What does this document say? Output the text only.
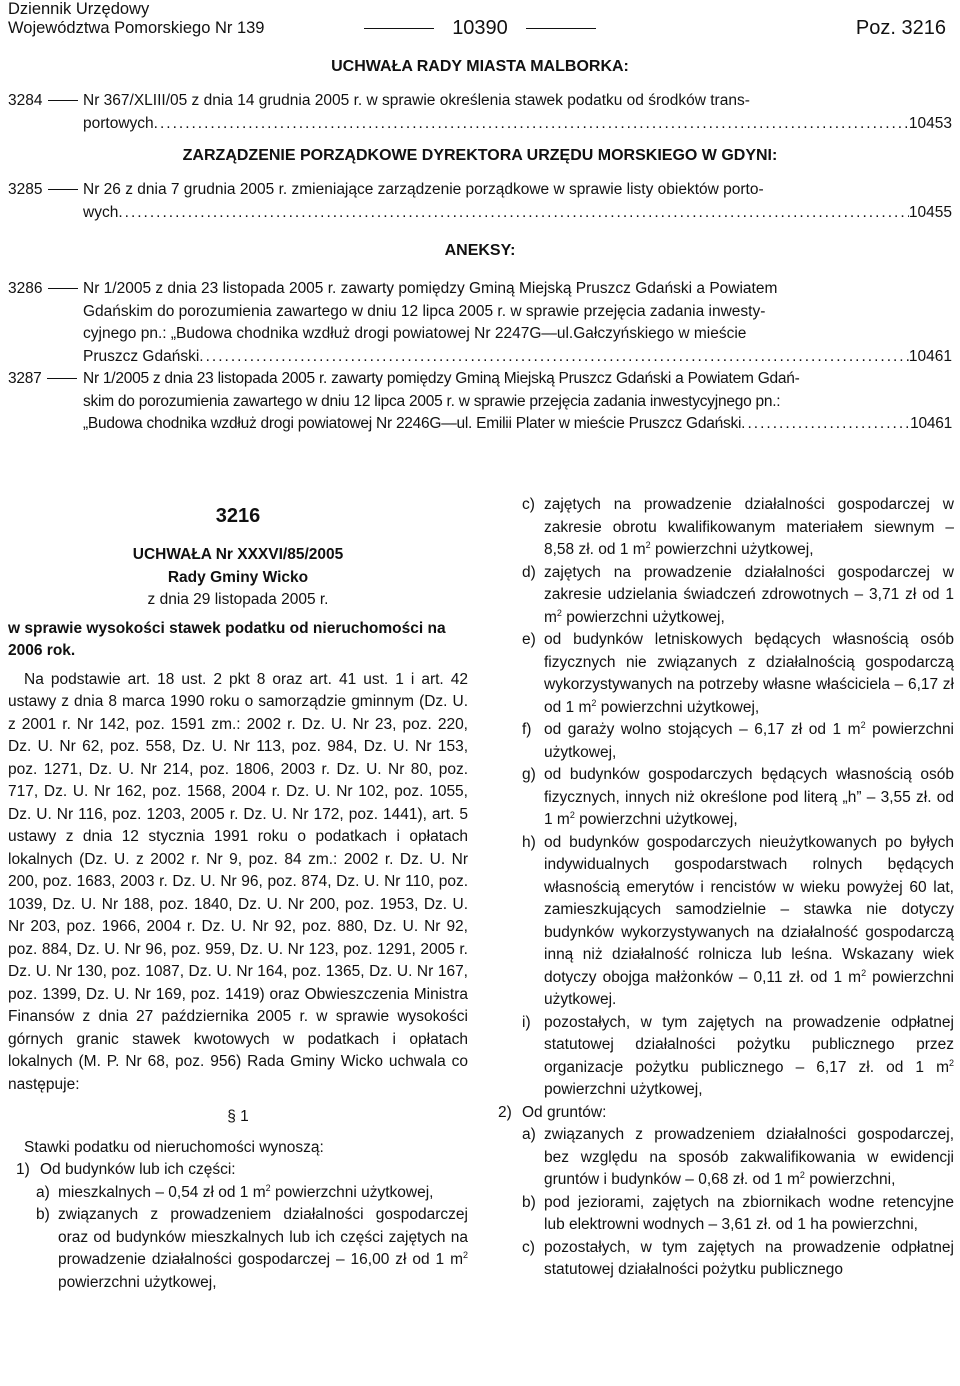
Dziennik Urzędowy
Województwa Pomorskiego Nr 139	10390	Poz. 3216
UCHWAŁA RADY MIASTA MALBORKA:
3284	Nr 367/XLIII/05 z dnia 14 grudnia 2005 r. w sprawie określenia stawek podatku od środków trans-
portowych .....	10453
ZARZĄDZENIE PORZĄDKOWE DYREKTORA URZĘDU MORSKIEGO W GDYNI:
3285	Nr 26 z dnia 7 grudnia 2005 r. zmieniające zarządzenie porządkowe w sprawie listy obiektów porto-
wych .....	10455
ANEKSY:
3286	Nr 1/2005 z dnia 23 listopada 2005 r. zawarty pomiędzy Gminą Miejską Pruszcz Gdański a Powiatem
Gdańskim do porozumienia zawartego w dniu 12 lipca 2005 r. w sprawie przejęcia zadania inwesty-
cyjnego pn.: „Budowa chodnika wzdłuż drogi powiatowej Nr 2247G—ul.Gałczyńskiego w mieście
Pruszcz Gdański .....	10461
3287	Nr 1/2005 z dnia 23 listopada 2005 r. zawarty pomiędzy Gminą Miejską Pruszcz Gdański a Powiatem Gdań-
skim do porozumienia zawartego w dniu 12 lipca 2005 r. w sprawie przejęcia zadania inwestycyjnego pn.:
„Budowa chodnika wzdłuż drogi powiatowej Nr 2246G—ul. Emilii Plater w mieście Pruszcz Gdański .....	10461
3216
UCHWAŁA Nr XXXVI/85/2005
Rady Gminy Wicko
z dnia 29 listopada 2005 r.
w sprawie wysokości stawek podatku od nieruchomości na 2006 rok.
Na podstawie art. 18 ust. 2 pkt 8 oraz art. 41 ust. 1 i art. 42 ustawy z dnia 8 marca 1990 roku o samorządzie gminnym (Dz. U. z 2001 r. Nr 142, poz. 1591 zm.: 2002 r. Dz. U. Nr 23, poz. 220, Dz. U. Nr 62, poz. 558, Dz. U. Nr 113, poz. 984, Dz. U. Nr 153, poz. 1271, Dz. U. Nr 214, poz. 1806, 2003 r. Dz. U. Nr 80, poz. 717, Dz. U. Nr 162, poz. 1568, 2004 r. Dz. U. Nr 102, poz. 1055, Dz. U. Nr 116, poz. 1203, 2005 r. Dz. U. Nr 172, poz. 1441), art. 5 ustawy z dnia 12 stycznia 1991 roku o podatkach i opłatach lokalnych (Dz. U. z 2002 r. Nr 9, poz. 84 zm.: 2002 r. Dz. U. Nr 200, poz. 1683, 2003 r. Dz. U. Nr 96, poz. 874, Dz. U. Nr 110, poz. 1039, Dz. U. Nr 188, poz. 1840, Dz. U. Nr 200, poz. 1953, Dz. U. Nr 203, poz. 1966, 2004 r. Dz. U. Nr 92, poz. 880, Dz. U. Nr 92, poz. 884, Dz. U. Nr 96, poz. 959, Dz. U. Nr 123, poz. 1291, 2005 r. Dz. U. Nr 130, poz. 1087, Dz. U. Nr 164, poz. 1365, Dz. U. Nr 167, poz. 1399, Dz. U. Nr 169, poz. 1419) oraz Obwieszczenia Ministra Finansów z dnia 27 października 2005 r. w sprawie wysokości górnych granic stawek kwotowych w podatkach i opłatach lokalnych (M. P. Nr 68, poz. 956) Rada Gminy Wicko uchwala co następuje:
§ 1
Stawki podatku od nieruchomości wynoszą:
1) Od budynków lub ich części:
a) mieszkalnych – 0,54 zł od 1 $m^2$ powierzchni użytkowej,
b) związanych z prowadzeniem działalności gospodarczej oraz od budynków mieszkalnych lub ich części zajętych na prowadzenie działalności gospodarczej – 16,00 zł od 1 $m^2$ powierzchni użytkowej,
c) zajętych na prowadzenie działalności gospodarczej w zakresie obrotu kwalifikowanym materiałem siewnym – 8,58 zł. od 1 $m^2$ powierzchni użytkowej,
d) zajętych na prowadzenie działalności gospodarczej w zakresie udzielania świadczeń zdrowotnych – 3,71 zł od 1 $m^2$ powierzchni użytkowej,
e) od budynków letniskowych będących własnością osób fizycznych nie związanych z działalnością gospodarczą wykorzystywanych na potrzeby własne właściciela – 6,17 zł od 1 $m^2$ powierzchni użytkowej,
f) od garaży wolno stojących – 6,17 zł od 1 $m^2$ powierzchni użytkowej,
g) od budynków gospodarczych będących własnością osób fizycznych, innych niż określone pod literą „h” – 3,55 zł. od 1 $m^2$ powierzchni użytkowej,
h) od budynków gospodarczych nieużytkowanych po byłych indywidualnych gospodarstwach rolnych będących własnością emerytów i rencistów w wieku powyżej 60 lat, zamieszkujących samodzielnie – stawka nie dotyczy budynków wykorzystywanych na działalność gospodarczą inną niż działalność rolnicza lub leśna. Wskazany wiek dotyczy obojga małżonków – 0,11 zł. od 1 $m^2$ powierzchni użytkowej.
i) pozostałych, w tym zajętych na prowadzenie odpłatnej statutowej działalności pożytku publicznego przez organizacje pożytku publicznego – 6,17 zł. od 1 $m^2$ powierzchni użytkowej,
2) Od gruntów:
a) związanych z prowadzeniem działalności gospodarczej, bez względu na sposób zakwalifikowania w ewidencji gruntów i budynków – 0,68 zł. od 1 $m^2$ powierzchni,
b) pod jeziorami, zajętych na zbiornikach wodne retencyjne lub elektrowni wodnych – 3,61 zł. od 1 ha powierzchni,
c) pozostałych, w tym zajętych na prowadzenie odpłatnej statutowej działalności pożytku publicznego
